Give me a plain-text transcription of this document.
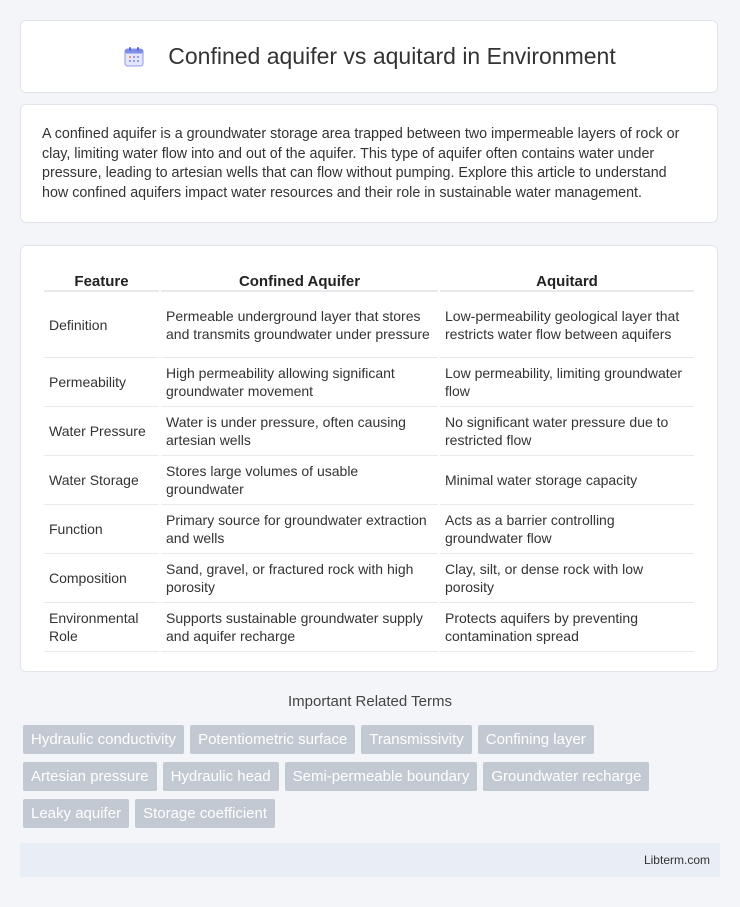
Confined aquifer vs aquitard in Environment

A confined aquifer is a groundwater storage area trapped between two impermeable layers of rock or clay, limiting water flow into and out of the aquifer. This type of aquifer often contains water under pressure, leading to artesian wells that can flow without pumping. Explore this article to understand how confined aquifers impact water resources and their role in sustainable water management.

Feature	Confined Aquifer	Aquitard
Definition	Permeable underground layer that stores and transmits groundwater under pressure	Low-permeability geological layer that restricts water flow between aquifers
Permeability	High permeability allowing significant groundwater movement	Low permeability, limiting groundwater flow
Water Pressure	Water is under pressure, often causing artesian wells	No significant water pressure due to restricted flow
Water Storage	Stores large volumes of usable groundwater	Minimal water storage capacity
Function	Primary source for groundwater extraction and wells	Acts as a barrier controlling groundwater flow
Composition	Sand, gravel, or fractured rock with high porosity	Clay, silt, or dense rock with low porosity
Environmental Role	Supports sustainable groundwater supply and aquifer recharge	Protects aquifers by preventing contamination spread
Important Related Terms
Hydraulic conductivity	Potentiometric surface	Transmissivity	Confining layer
Artesian pressure	Hydraulic head	Semi-permeable boundary	Groundwater recharge
Leaky aquifer	Storage coefficient
Libterm.com
